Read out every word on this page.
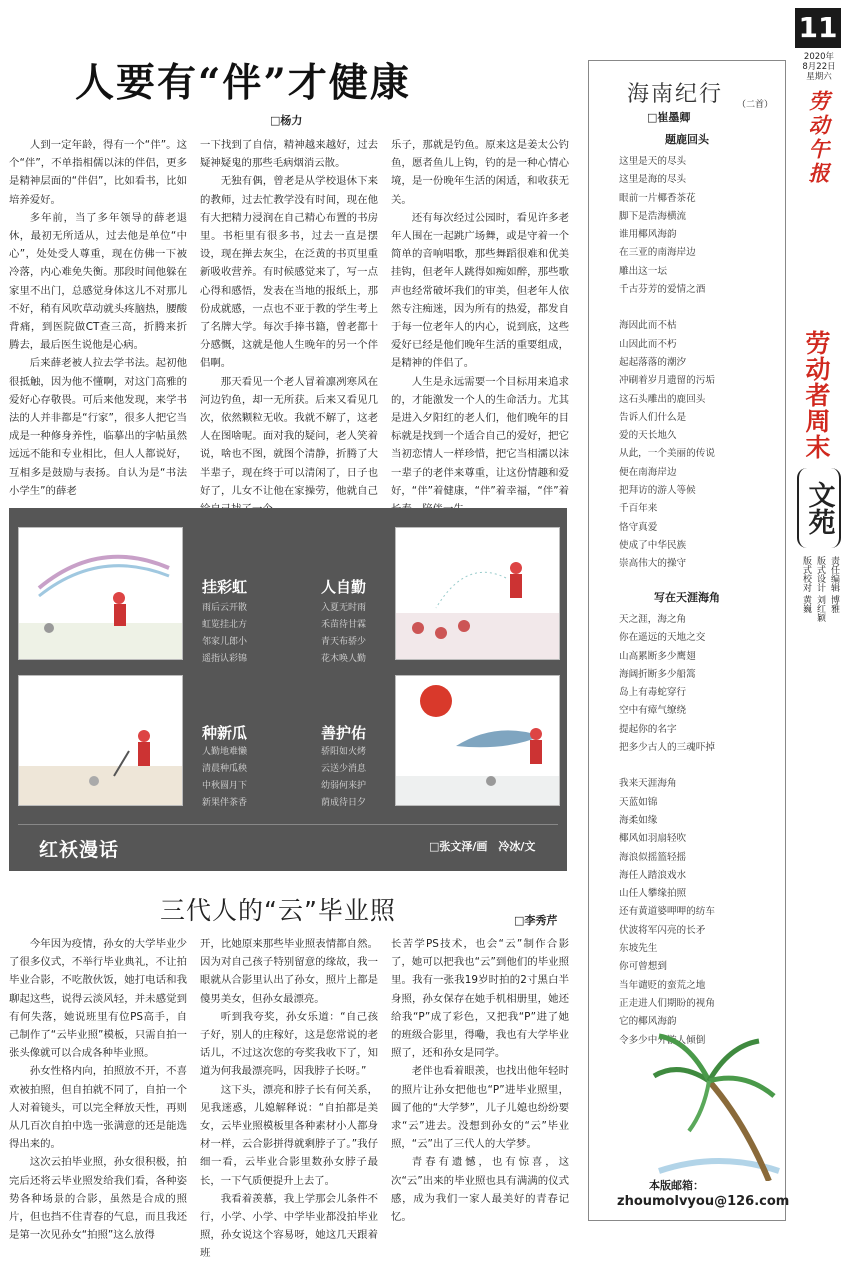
11
2020年
8月22日
星期六
劳动午报
劳动者周末
文苑
责任编辑 博雅
版式设计 刘红颖
版式校对 黄巍
人要有“伴”才健康
□杨力

人到一定年龄，得有一个“伴”。这个“伴”，不单指相儒以沫的伴侣，更多是精神层面的“伴侣”，比如看书，比如培养爱好。

多年前，当了多年领导的薛老退休，最初无所适从，过去他是单位“中心”，处处受人尊重，现在仿佛一下被冷落，内心难免失衡。那段时间他躲在家里不出门，总感觉身体这儿不对那儿不好，稍有风吹草动就头疼脑热，腰酸背痛，到医院做CT查三高，折腾来折腾去，最后医生说他是心病。

后来薛老被人拉去学书法。起初他很抵触，因为他不懂啊，对这门高雅的爱好心存敬畏。可后来他发现，来学书法的人并非都是“行家”，很多人把它当成是一种修身养性，临摹出的字帖虽然远远不能和专业相比，但人人都说好，互相多是鼓励与表扬。自认为是“书法小学生”的薛老

一下找到了自信，精神越来越好，过去疑神疑鬼的那些毛病烟消云散。

无独有偶，曾老是从学校退休下来的教师，过去忙教学没有时间，现在他有大把精力浸润在自己精心布置的书房里。书柜里有很多书，过去一直是摆设，现在掸去灰尘，在泛黄的书页里重新吸收营养。有时候感觉来了，写一点心得和感悟，发表在当地的报纸上，那份成就感，一点也不亚于教的学生考上了名牌大学。每次手捧书籍，曾老都十分感慨，这就是他人生晚年的另一个伴侣啊。

那天看见一个老人冒着凛冽寒风在河边钓鱼，却一无所获。后来又看见几次，依然颗粒无收。我就不解了，这老人在图啥呢。面对我的疑问，老人笑着说，啥也不图，就图个清静，折腾了大半辈子，现在终于可以清闲了，日子也好了，儿女不让他在家操劳，他就自己

乐子，那就是钓鱼。原来这是姜太公钓鱼，愿者鱼儿上钩，钓的是一种心情心境，是一份晚年生活的闲适，和收获无关。

还有每次经过公园时，看见许多老年人围在一起跳广场舞，或是守着一个简单的音响唱歌，那些舞蹈很难和优美挂钩，但老年人跳得如痴如醉，那些歌声也经常破坏我们的审美，但老年人依然专注痴迷，因为所有的热爱，都发自于每一位老年人的内心，说到底，这些爱好已经是他们晚年生活的重要组成，是精神的伴侣了。

人生是永远需要一个目标用来追求的，才能激发一个人的生命活力。尤其是进入夕阳红的老人们，他们晚年的目标就是找到一个适合自己的爱好，把它当初恋情人一样珍惜，把它当相濡以沫一辈子的老伴来尊重，让这份情趣和爱好，“伴”着健康，“伴”着幸福，“伴”着

挂彩虹
雨后云开散
虹览挂北方
邻家儿郎小
遥指认彩锦
人自勤
入夏无时雨
禾苗待甘霖
青天布骄少
花木唤人勤
种新瓜
人勤地难懒
清晨种瓜秧
中秋圆月下
新果伴茶香
善护佑
骄阳如火烤
云送少消息
幼弱何来护
荫成待日夕
红袄漫话	□张文泽/画　冷冰/文
三代人的“云”毕业照	□李秀芹

今年因为疫情，孙女的大学毕业少了很多仪式，不举行毕业典礼，不让拍毕业合影，不吃散伙饭，她打电话和我聊起这些，说得云淡风轻，并未感觉到有何失落，她说班里有位PS高手，自己制作了“云毕业照”模板，只需自拍一张头像就可以合成各种毕业照。

孙女性格内向，拍照放不开，不喜欢被拍照，但自拍就不同了，自拍一个人对着镜头，可以完全释放天性，再则从几百次自拍中选一张满意的还是能选得出来的。

这次云拍毕业照，孙女很积极，拍完后还将云毕业照发给我们看，各种姿势各种场景的合影，虽然是合成的照片，但也挡不住青春的气息，而且我还是第一次见孙女“拍照”这么放得

开，比她原来那些毕业照表情都自然。因为对自己孩子特别留意的缘故，我一眼就从合影里认出了孙女，照片上都是傻男美女，但孙女最漂亮。

听到我夸奖，孙女乐道：“自己孩子好，别人的庄稼好，这是您常说的老话儿，不过这次您的夸奖我收下了，知道为何我最漂亮吗，因我脖子长呀。”

这下头，漂亮和脖子长有何关系，见我迷惑，儿媳解释说：“自拍都是美女，云毕业照模板里各种素材小人都身材一样，云合影拼得就剩脖子了。”我仔细一看，云毕业合影里数孙女脖子最长，一下气质便提升上去了。

我看着羡慕，我上学那会儿条件不行，小学、小学、中学毕业都没拍毕业照，孙女说这个容易呀，她这几天跟着班

长苦学PS技术，也会“云”制作合影了，她可以把我也“云”到他们的毕业照里。我有一张我19岁时拍的2寸黑白半身照，孙女保存在她手机相册里，她还给我“P”成了彩色，又把我“P”进了她的班级合影里，得嘞，我也有大学毕业照了，还和孙女是同学。

老伴也看着眼羡，也找出他年轻时的照片让孙女把他也“P”进毕业照里，圆了他的“大学梦”，儿子儿媳也纷纷要求“云”进去。没想到孙女的“云”毕业照，“云”出了三代人的大学梦。

青春有遗憾，也有惊喜，这次“云”出来的毕业照也具有满满的仪式感，成为我们一家人最美好的青春记忆。

海南纪行 （二首）
□崔墨卿
题鹿回头
这里是天的尽头
这里是海的尽头
眼前一片椰香茶花
脚下是浩海横流
谁用椰风海韵
在三亚的南海岸边
雕出这一坛
千古芬芳的爱情之酒
海因此而不枯
山因此而不朽
起起落落的潮汐
冲刷着岁月遗留的污垢
这石头雕出的鹿回头
告诉人们什么是
爱的天长地久
从此，一个美丽的传说
便在南海岸边
把拜访的游人等候
千百年来
恪守真爱
使成了中华民族
崇高伟大的操守
写在天涯海角
天之涯，海之角
你在遥远的天地之交
山高累断多少鹰翅
海阔折断多少船篙
岛上有毒蛇穿行
空中有瘴气缭绕
提起你的名字
把多少古人的三魂吓掉
我来天涯海角
天蓝如锦
海柔如缘
椰风如羽扇轻吹
海浪似摇篮轻摇
海任人踏浪戏水
山任人攀缘拍照
还有黄道婆呷呷的纺车
伏波将军闪亮的长矛
东坡先生
你可曾想到
当年谴贬的蛮荒之地
正走进人们期盼的视角
它的椰风海韵
令多少中外游人倾倒
本版邮箱：
zhoumolvyou@126.com
